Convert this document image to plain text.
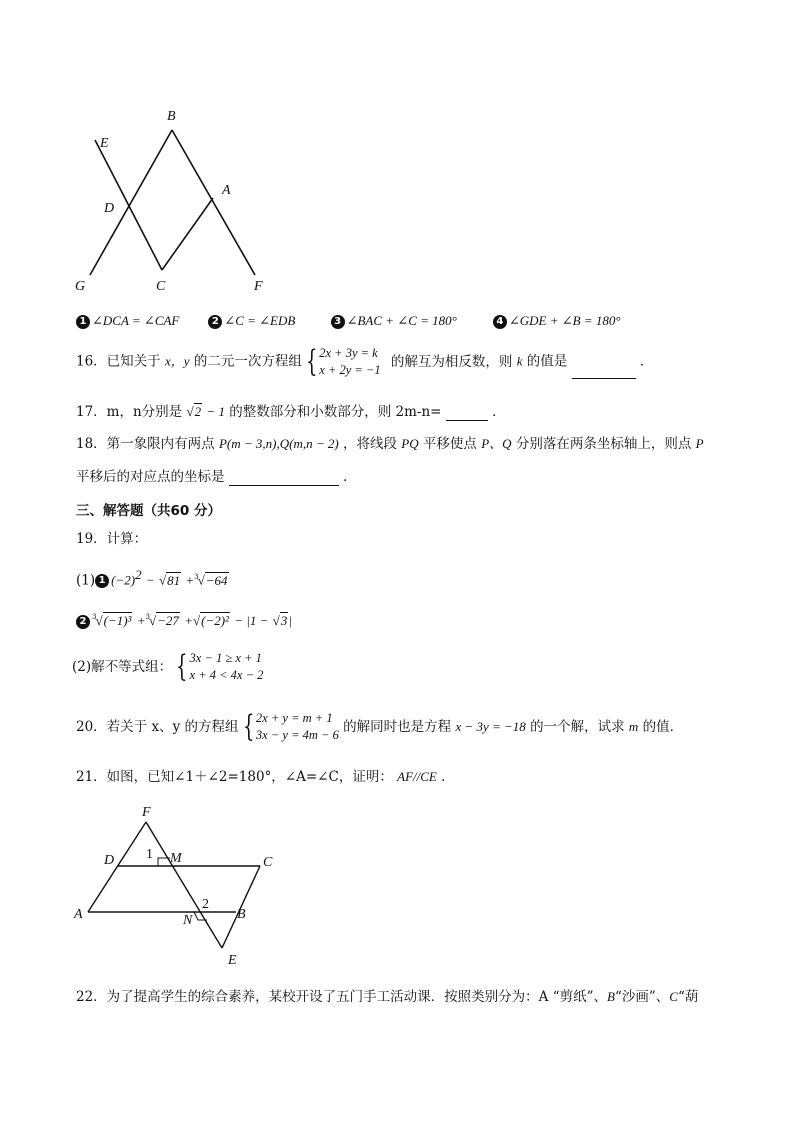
B
E
D
A
G	C	F
1 ∠DCA = ∠CAF	2 ∠C = ∠EDB	3 ∠BAC + ∠C = 180°	4 ∠GDE + ∠B = 180°
16．已知关于 x，y 的二元一次方程组 { 2x + 3y = k
x + 2y = −1
的解互为相反数，则 k 的值是	．
17．m，n分别是 √2 − 1 的整数部分和小数部分，则 2m-n=	．
18．第一象限内有两点 P(m − 3,n),Q(m,n − 2) ，将线段 PQ 平移使点 P、Q 分别落在两条坐标轴上，则点 P
平移后的对应点的坐标是	．
三、解答题（共60 分）
19．计算：
(1) 1 $(-2)^2 - √81 +^3√-64$
2 $^3$√(−1)³ +$^3$√−27 +√(−2)² − |1 − √3|
(2)解不等式组： { 3x − 1 ≥ x + 1
x + 4 < 4x − 2
20．若关于 x、y 的方程组 { 2x + y = m + 1
3x − y = 4m − 6 的解同时也是方程 x − 3y = −18 的一个解，试求 m 的值．
21．如图，已知∠1＋∠2=180°，∠A=∠C，证明： AF//CE ．
F
D 1 M	C
2
A	N	B
E
22．为了提高学生的综合素养，某校开设了五门手工活动课．按照类别分为：A “剪纸”、B“沙画”、C“葫
